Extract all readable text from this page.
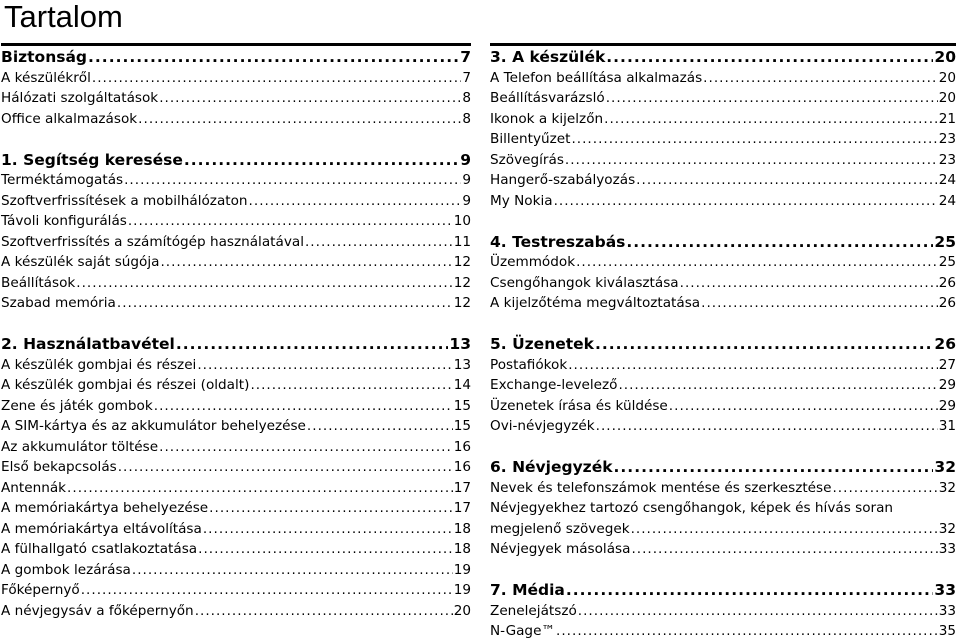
Tartalom
Biztonság .....	7
A készülékről .....	7
Hálózati szolgáltatások .....	8
Office alkalmazások .....	8
1. Segítség keresése .....	9
Terméktámogatás .....	9
Szoftverfrissítések a mobilhálózaton .....	9
Távoli konfigurálás .....	10
Szoftverfrissítés a számítógép használatával .....	11
A készülék saját súgója .....	12
Beállítások .....	12
Szabad memória .....	12
2. Használatbavétel .....	13
A készülék gombjai és részei .....	13
A készülék gombjai és részei (oldalt) .....	14
Zene és játék gombok .....	15
A SIM-kártya és az akkumulátor behelyezése .....	15
Az akkumulátor töltése .....	16
Első bekapcsolás .....	16
Antennák .....	17
A memóriakártya behelyezése .....	17
A memóriakártya eltávolítása .....	18
A fülhallgató csatlakoztatása .....	18
A gombok lezárása .....	19
Főképernyő .....	19
A névjegysáv a főképernyőn .....	20
3. A készülék .....	20
A Telefon beállítása alkalmazás .....	20
Beállításvarázsló .....	20
Ikonok a kijelzőn .....	21
Billentyűzet .....	23
Szövegírás .....	23
Hangerő-szabályozás .....	24
My Nokia .....	24
4. Testreszabás .....	25
Üzemmódok .....	25
Csengőhangok kiválasztása .....	26
A kijelzőtéma megváltoztatása .....	26
5. Üzenetek .....	26
Postafiókok .....	27
Exchange-levelező .....	29
Üzenetek írása és küldése .....	29
Ovi-névjegyzék .....	31
6. Névjegyzék .....	32
Nevek és telefonszámok mentése és szerkesztése .....	32
Névjegyekhez tartozó csengőhangok, képek és hívás soran
megjelenő szövegek .....	32
Névjegyek másolása .....	33
7. Média .....	33
Zenelejátszó .....	33
N-Gage™ .....	35
